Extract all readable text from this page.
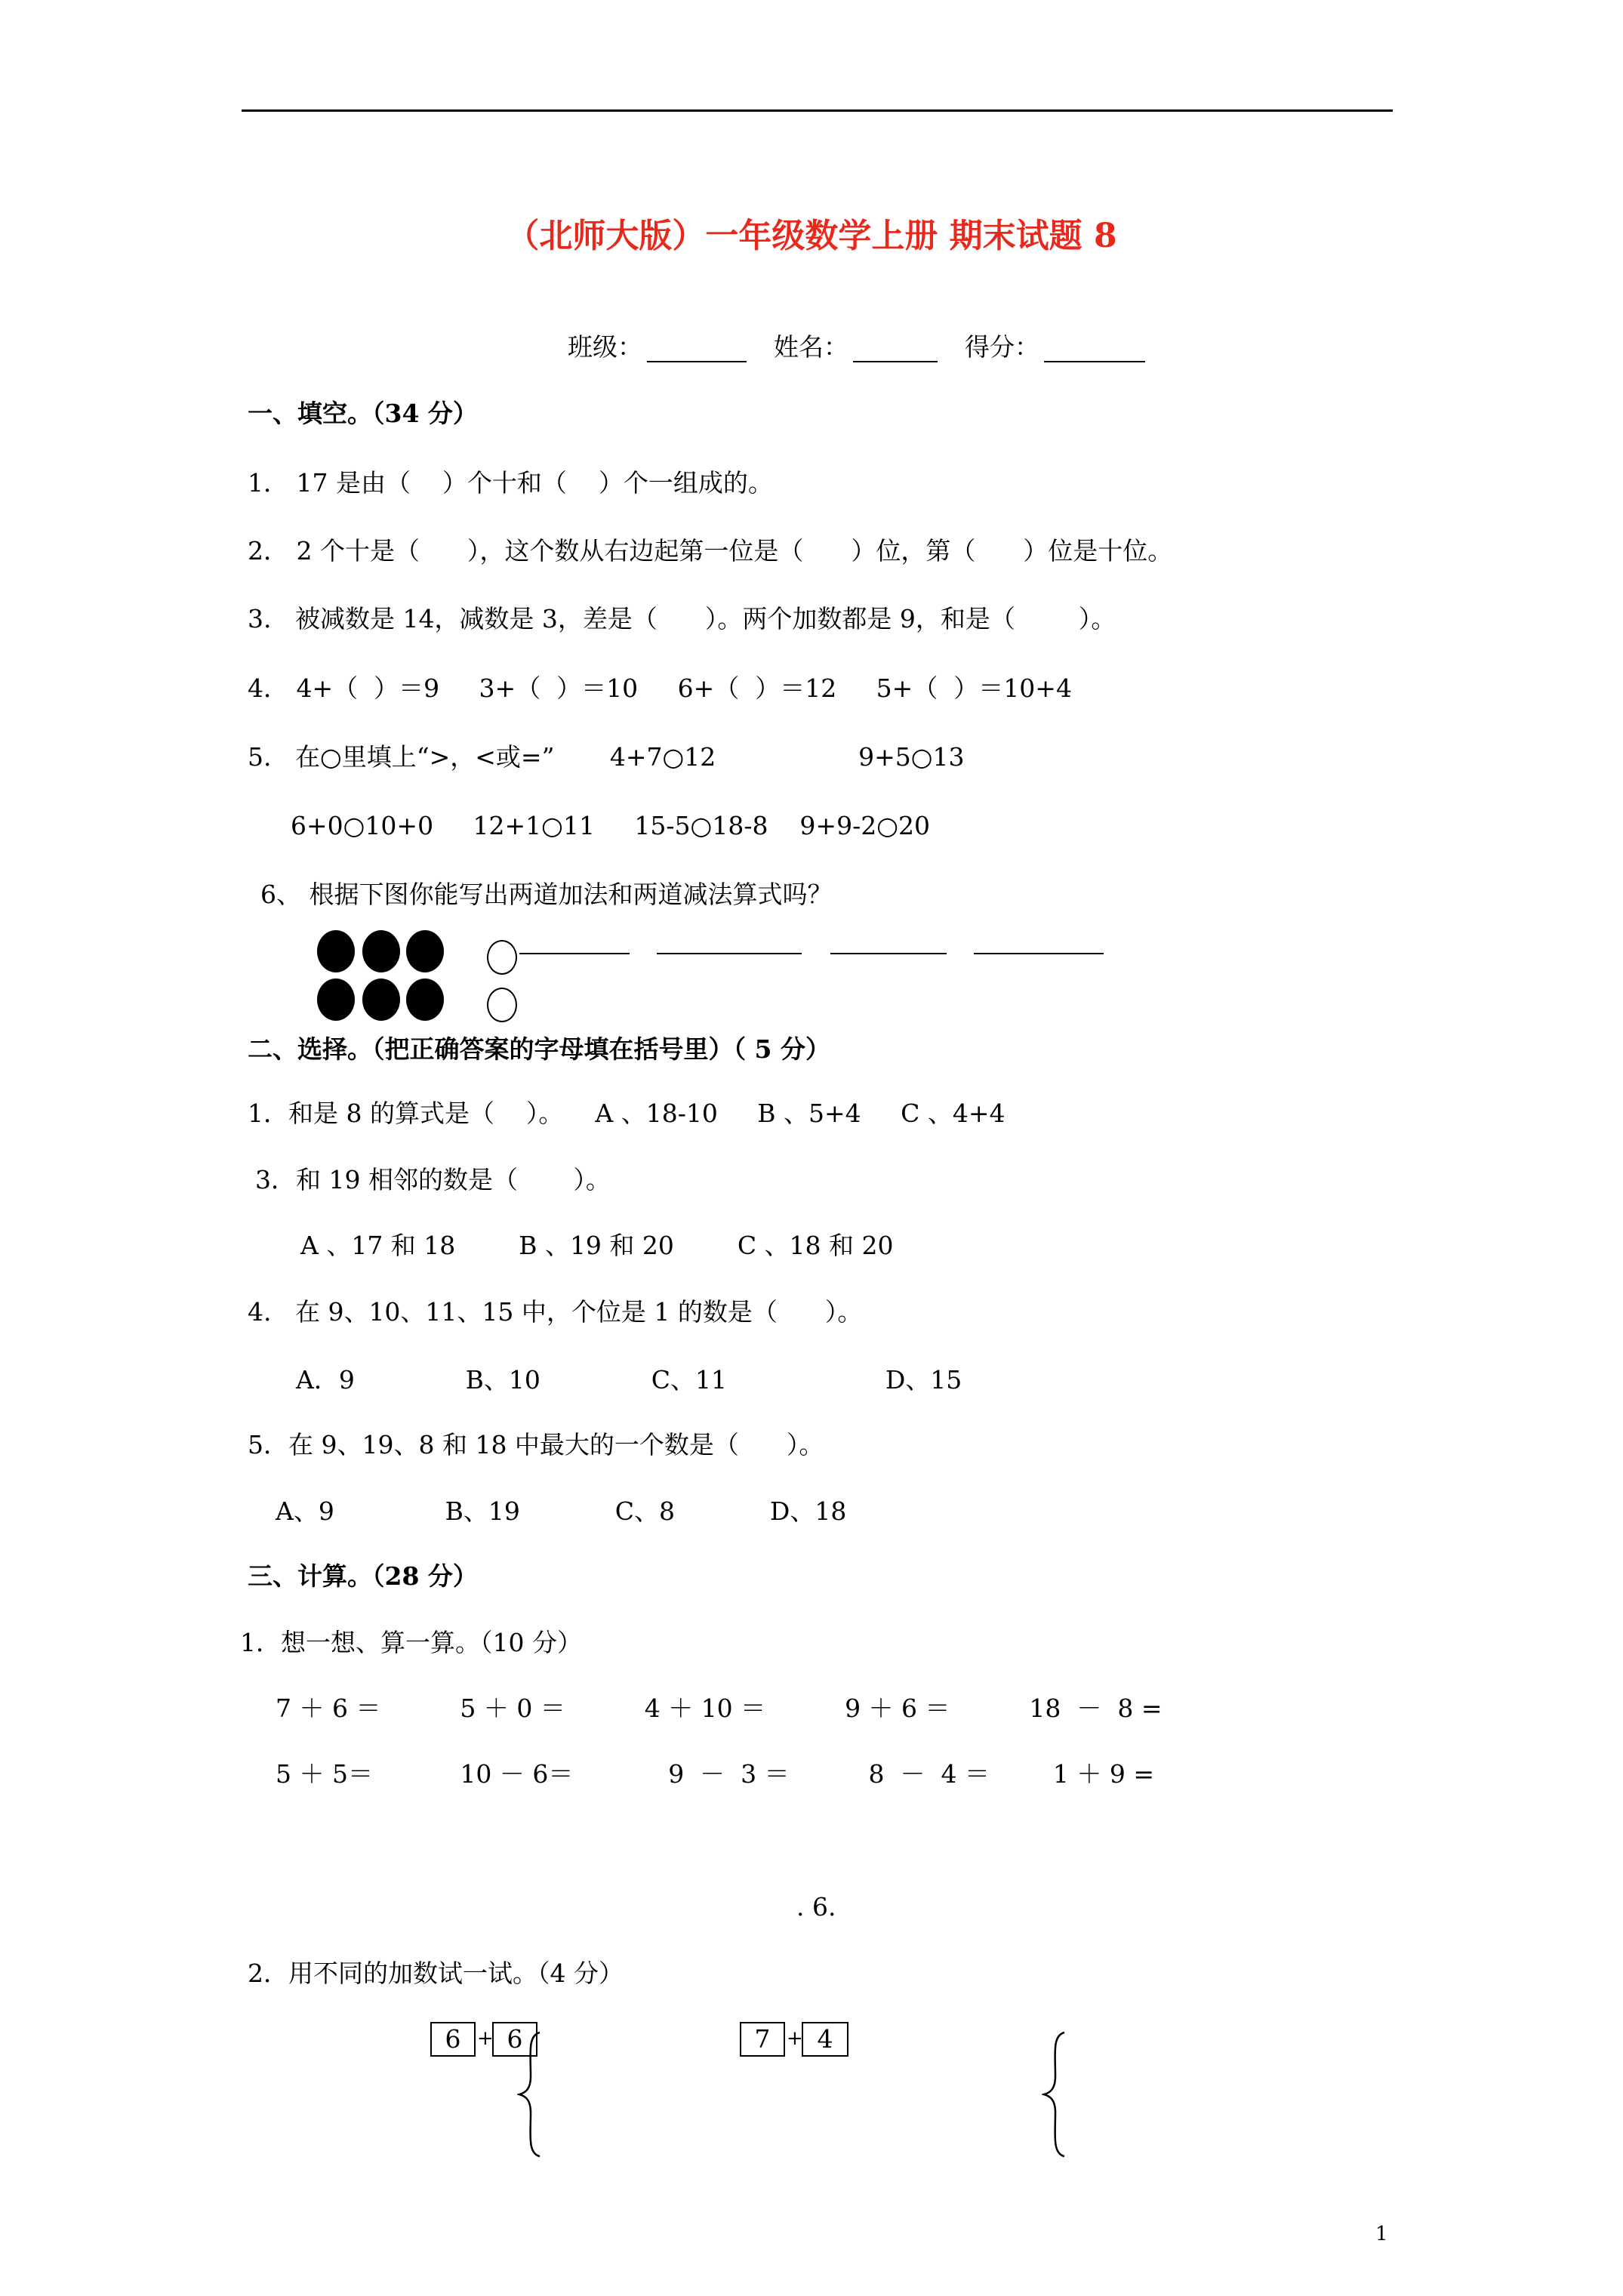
（北师大版）一年级数学上册 期末试题 8
班级：	姓名：	得分：
一、填空。（34 分）
1． 17 是由（    ）个十和（    ）个一组成的。
2． 2 个十是（      ），这个数从右边起第一位是（      ）位，第（      ）位是十位。
3.   被减数是 14，减数是 3，差是（      ）。两个加数都是 9，和是（        ）。
4． 4+（  ）＝9     3+（  ）＝10     6+（  ）＝12     5+（  ）＝10+4
5.   在○里填上“>，<或=”       4+7○12                  9+5○13
6+0○10+0     12+1○11     15-5○18-8    9+9-2○20
6、 根据下图你能写出两道加法和两道减法算式吗？
二、选择。（把正确答案的字母填在括号里）（ 5 分）
1．和是 8 的算式是（    ）。    A 、18-10     B 、5+4     C 、4+4
3．和 19 相邻的数是（       ）。
A 、17 和 18        B 、19 和 20        C 、18 和 20
4.   在 9、10、11、15 中，个位是 1 的数是（      ）。
A．9              B、10              C、11                    D、15
5．在 9、19、8 和 18 中最大的一个数是（      ）。
A、9              B、19            C、8            D、18
三、计算。（28 分）
1．想一想、算一算。（10 分）
7 ＋ 6 ＝          5 ＋ 0 ＝          4 ＋ 10 ＝          9 ＋ 6 ＝          18  －  8 =
5 ＋ 5＝           10 － 6＝            9  －  3 ＝          8  －  4 ＝        1 ＋ 9 =
. 6.
2．用不同的加数试一试。（4 分）
6 + 6	7 + 4
1
